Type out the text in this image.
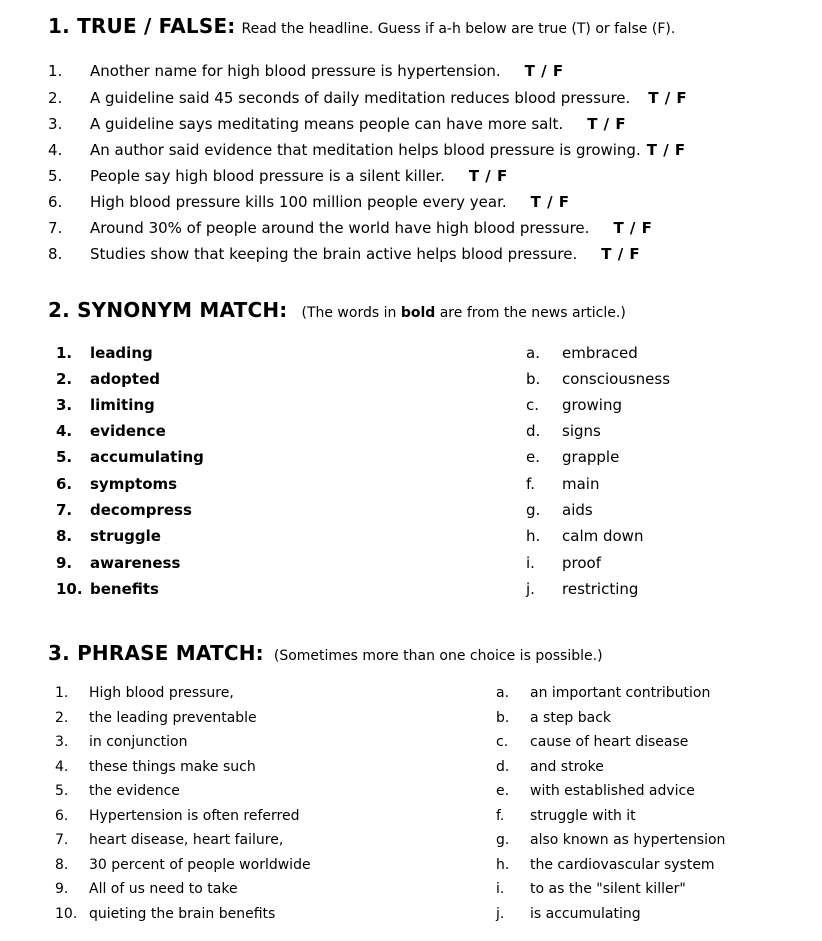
1. TRUE / FALSE: Read the headline. Guess if a-h below are true (T) or false (F).
1. Another name for high blood pressure is hypertension. T / F
2. A guideline said 45 seconds of daily meditation reduces blood pressure. T / F
3. A guideline says meditating means people can have more salt. T / F
4. An author said evidence that meditation helps blood pressure is growing. T / F
5. People say high blood pressure is a silent killer. T / F
6. High blood pressure kills 100 million people every year. T / F
7. Around 30% of people around the world have high blood pressure. T / F
8. Studies show that keeping the brain active helps blood pressure. T / F
2. SYNONYM MATCH: (The words in bold are from the news article.)
1. leading
2. adopted
3. limiting
4. evidence
5. accumulating
6. symptoms
7. decompress
8. struggle
9. awareness
10. benefits
a. embraced
b. consciousness
c. growing
d. signs
e. grapple
f. main
g. aids
h. calm down
i. proof
j. restricting
3. PHRASE MATCH: (Sometimes more than one choice is possible.)
1. High blood pressure,
2. the leading preventable
3. in conjunction
4. these things make such
5. the evidence
6. Hypertension is often referred
7. heart disease, heart failure,
8. 30 percent of people worldwide
9. All of us need to take
10. quieting the brain benefits
a. an important contribution
b. a step back
c. cause of heart disease
d. and stroke
e. with established advice
f. struggle with it
g. also known as hypertension
h. the cardiovascular system
i. to as the "silent killer"
j. is accumulating
